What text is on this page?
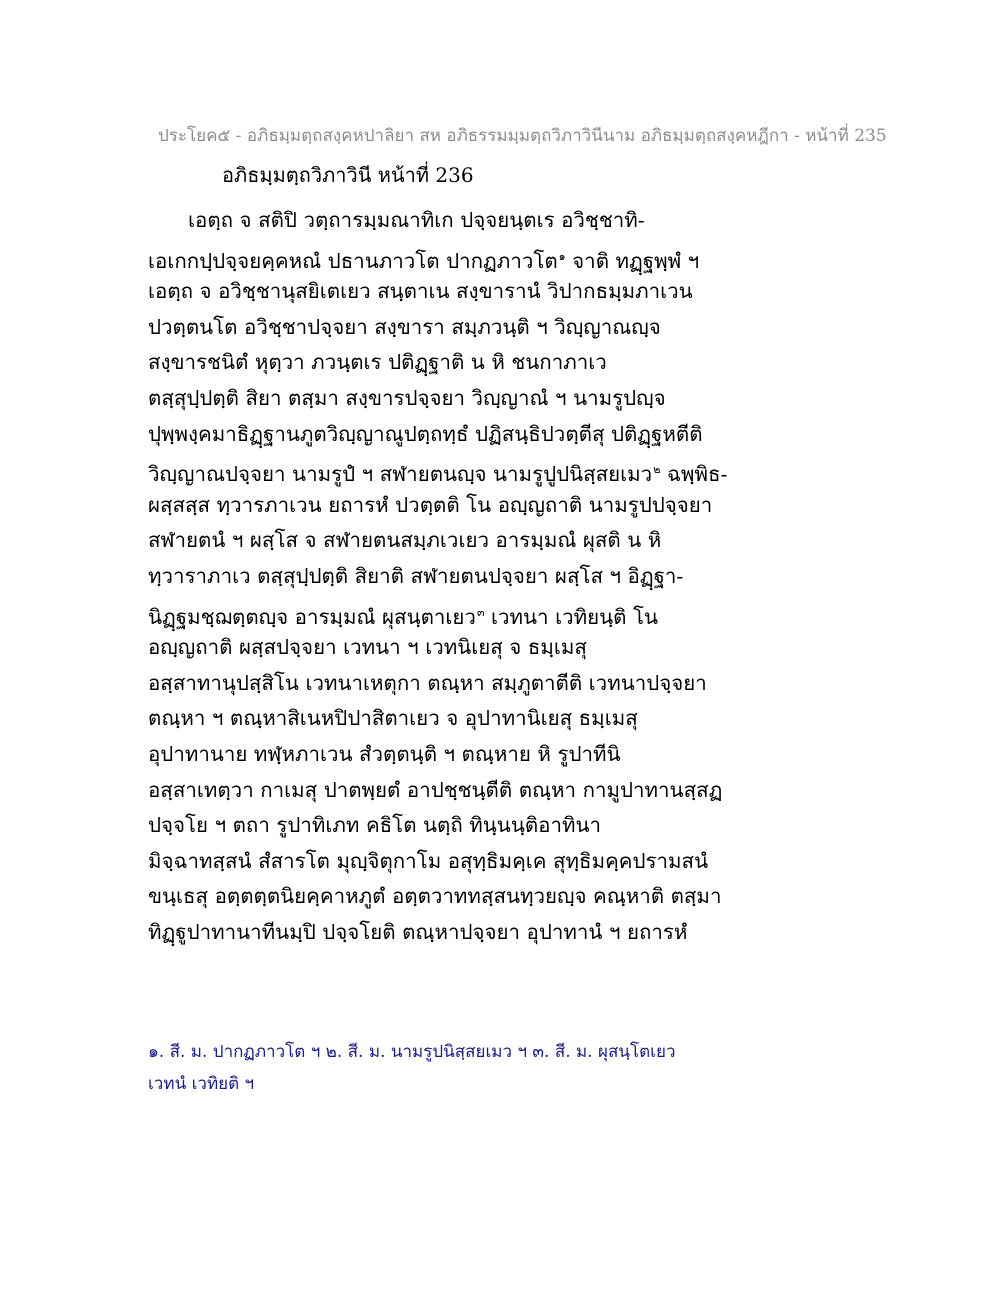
ประโยค๕ - อภิธมฺมตฺถสงฺคหปาลิยา สห อภิธรรมมฺมตฺถวิภาวินีนาม อภิธมฺมตฺถสงฺคหฎีกา - หน้าที่ 235
อภิธมฺมตฺถวิภาวินี หน้าที่ 236
เอตฺถ จ สติปิ วตฺถารมฺมณาทิเก ปจฺจยนฺตเร อวิชฺชาทิ-
เอเกกปฺปจฺจยคฺคหณํ ปธานภาวโต ปากฏภาวโต$^๑$ จาติ ทฏฺฐพฺพํ ฯ
เอตฺถ จ อวิชฺชานุสยิเตเยว สนฺตาเน สงฺขารานํ วิปากธมฺมภาเวน
ปวตฺตนโต อวิชฺชาปจฺจยา สงฺขารา สมฺภวนฺติ ฯ วิญฺญาณญฺจ
สงฺขารชนิตํ หุตฺวา ภวนฺตเร ปติฏฺฐาติ น หิ ชนกาภาเว
ตสฺสุปฺปตฺติ สิยา ตสฺมา สงฺขารปจฺจยา วิญฺญาณํ ฯ นามรูปญฺจ
ปุพฺพงฺคมาธิฏฺฐานภูตวิญฺญาณูปตฺถทฺธํ ปฏิสนฺธิปวตฺตีสุ ปติฏฺฐหตีติ
วิญฺญาณปจฺจยา นามรูปํ ฯ สฬายตนญฺจ นามรูปูปนิสฺสยเมว$^๒$ ฉพฺพิธ-
ผสฺสสฺส ทฺวารภาเวน ยถารหํ ปวตฺตติ โน อญฺญถาติ นามรูปปจฺจยา
สฬายตนํ ฯ ผสฺโส จ สฬายตนสมฺภเวเยว อารมฺมณํ ผุสติ น หิ
ทฺวาราภาเว ตสฺสุปฺปตฺติ สิยาติ สฬายตนปจฺจยา ผสฺโส ฯ อิฏฺฐา-
นิฏฺฐมชฺฌตฺตญฺจ อารมฺมณํ ผุสนฺตาเยว$^๓$ เวทนา เวทิยนฺติ โน
อญฺญถาติ ผสฺสปจฺจยา เวทนา ฯ เวทนิเยสุ จ ธมฺเมสุ
อสฺสาทานุปสฺสิโน เวทนาเหตุกา ตณฺหา สมฺภูตาตีติ เวทนาปจฺจยา
ตณฺหา ฯ ตณฺหาสิเนหปิปาสิตาเยว จ อุปาทานิเยสุ ธมฺเมสุ
อุปาทานาย ทฬฺหภาเวน สํวตฺตนฺติ ฯ ตณฺหาย หิ รูปาทีนิ
อสฺสาเทตฺวา กาเมสุ ปาตพฺยตํ อาปชฺชนฺตีติ ตณฺหา กามูปาทานสฺสฏ
ปจฺจโย ฯ ตถา รูปาทิเภท คธิโต นตฺถิ ทินฺนนฺติอาทินา
มิจฺฉาทสฺสนํ สํสารโต มุญฺจิตุกาโม อสุทฺธิมคฺเค สุทฺธิมคฺคปรามสนํ
ขนฺเธสุ อตฺตตฺตนิยคฺคาหภูตํ อตฺตวาททสฺสนทฺวยญฺจ คณฺหาติ ตสฺมา
ทิฏฺฐูปาทานาทีนมฺปิ ปจฺจโยติ ตณฺหาปจฺจยา อุปาทานํ ฯ ยถารหํ
๑. สี. ม. ปากฏภาวโต ฯ ๒. สี. ม. นามรูปนิสฺสยเมว ฯ ๓. สี. ม. ผุสนฺโตเยว
เวทนํ เวทิยติ ฯ
